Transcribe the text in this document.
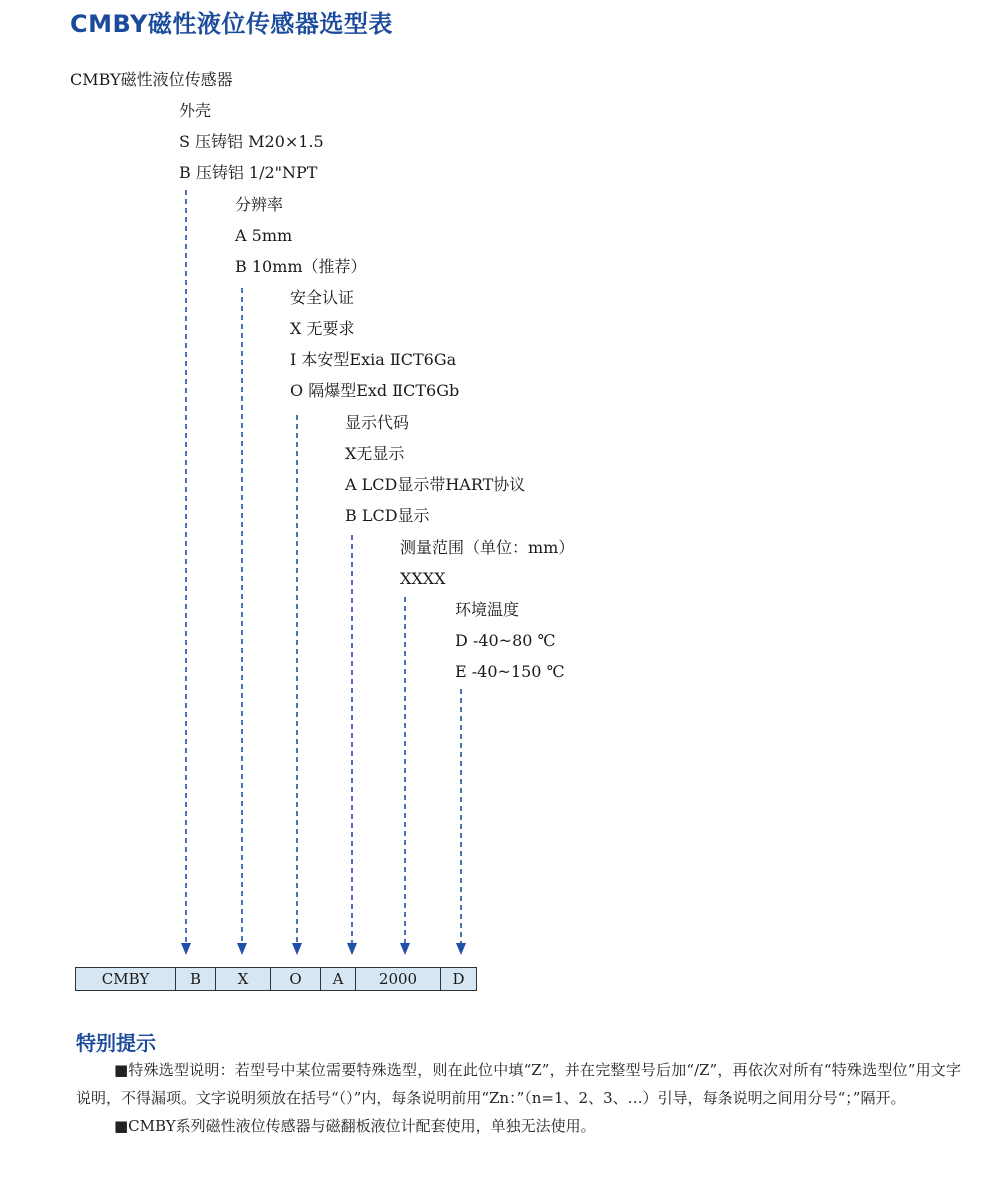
CMBY磁性液位传感器选型表
CMBY磁性液位传感器
外壳
S 压铸铝 M20×1.5
B 压铸铝 1/2"NPT
分辨率
A 5mm
B 10mm（推荐）
安全认证
X 无要求
I 本安型Exia ⅡCT6Ga
O 隔爆型Exd ⅡCT6Gb
显示代码
X无显示
A LCD显示带HART协议
B LCD显示
测量范围（单位：mm）
XXXX
环境温度
D -40~80 ℃
E -40~150 ℃
CMBY	B	X	O	A	2000	D
特别提示

■特殊选型说明：若型号中某位需要特殊选型，则在此位中填“Z”，并在完整型号后加“/Z”，再依次对所有“特殊选型位”用文字说明，不得漏项。文字说明须放在括号“（）”内，每条说明前用“Zn：”（n=1、2、3、…）引导，每条说明之间用分号“；”隔开。

■CMBY系列磁性液位传感器与磁翻板液位计配套使用，单独无法使用。
